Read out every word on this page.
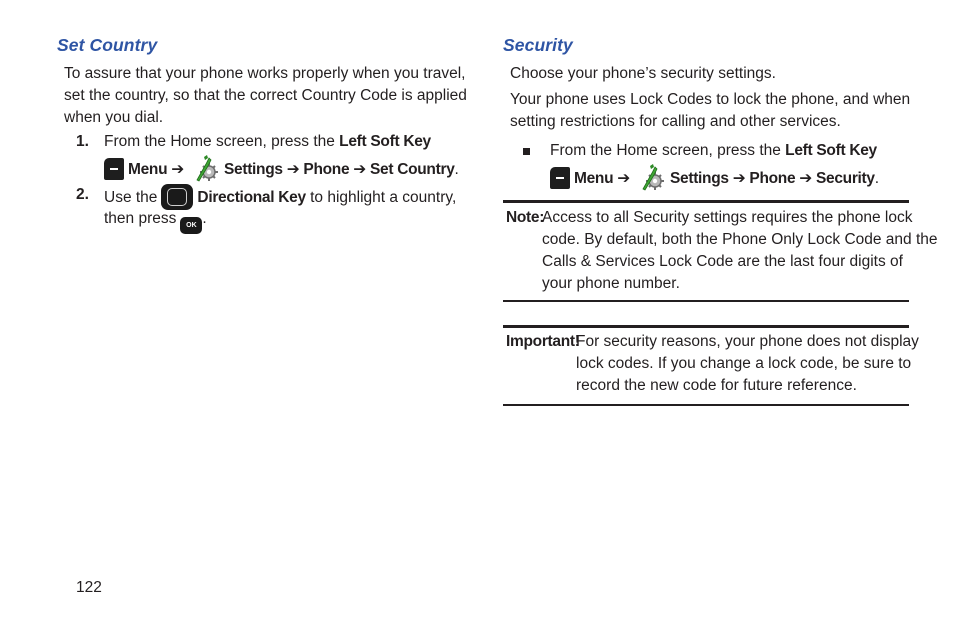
Set Country
To assure that your phone works properly when you travel,
set the country, so that the correct Country Code is applied
when you dial.
1. From the Home screen, press the Left Soft Key
Menu ➔	Settings ➔ Phone ➔ Set Country.
2. Use the	Directional Key to highlight a country,
then press OK .
Security
Choose your phone’s security settings.
Your phone uses Lock Codes to lock the phone, and when
setting restrictions for calling and other services.
From the Home screen, press the Left Soft Key
Menu ➔	Settings ➔ Phone ➔ Security.
Note:
Access to all Security settings requires the phone lock
code. By default, both the Phone Only Lock Code and the
Calls & Services Lock Code are the last four digits of
your phone number.
Important!
For security reasons, your phone does not display
lock codes. If you change a lock code, be sure to
record the new code for future reference.
122
